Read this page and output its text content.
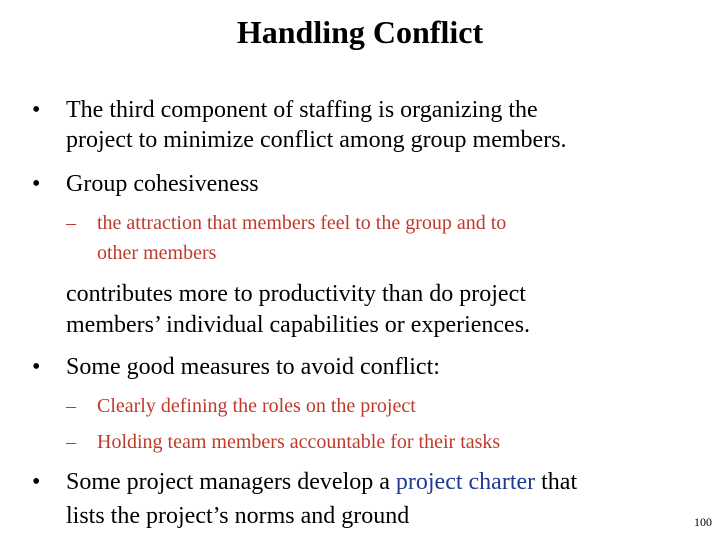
Handling Conflict
• The third component of staffing is organizing the
project to minimize conflict among group members.
• Group cohesiveness
– the attraction that members feel to the group and to
other members
contributes more to productivity than do project
members’ individual capabilities or experiences.
• Some good measures to avoid conflict:
– Clearly defining the roles on the project
– Holding team members accountable for their tasks
• Some project managers develop a project charter that
lists the project’s norms and ground	100
